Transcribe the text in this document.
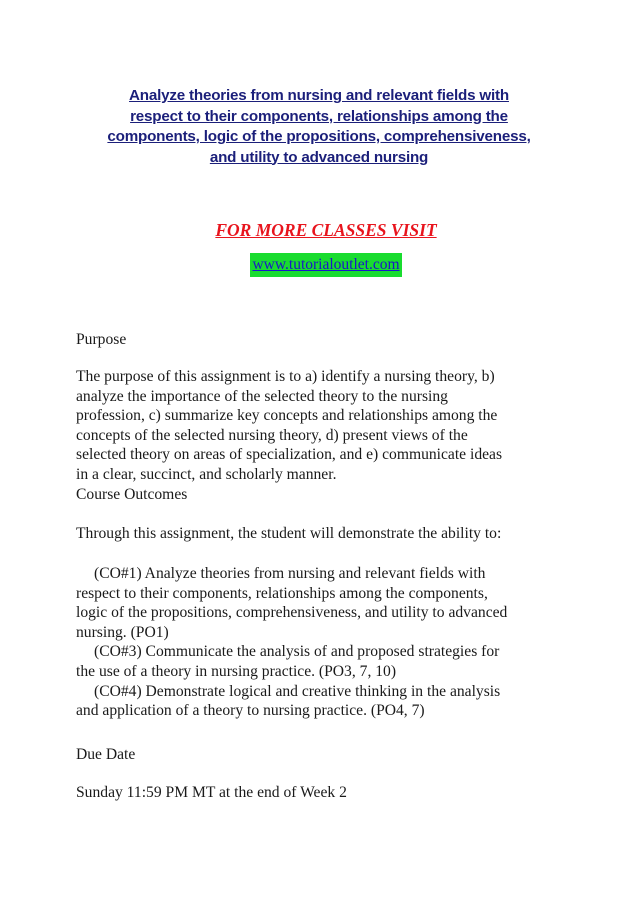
Analyze theories from nursing and relevant fields with
respect to their components, relationships among the
components, logic of the propositions, comprehensiveness,
and utility to advanced nursing
FOR MORE CLASSES VISIT
www.tutorialoutlet.com
Purpose
The purpose of this assignment is to a) identify a nursing theory, b)
analyze the importance of the selected theory to the nursing
profession, c) summarize key concepts and relationships among the
concepts of the selected nursing theory, d) present views of the
selected theory on areas of specialization, and e) communicate ideas
in a clear, succinct, and scholarly manner.
Course Outcomes
Through this assignment, the student will demonstrate the ability to:
(CO#1) Analyze theories from nursing and relevant fields with
respect to their components, relationships among the components,
logic of the propositions, comprehensiveness, and utility to advanced
nursing. (PO1)
(CO#3) Communicate the analysis of and proposed strategies for
the use of a theory in nursing practice. (PO3, 7, 10)
(CO#4) Demonstrate logical and creative thinking in the analysis
and application of a theory to nursing practice. (PO4, 7)
Due Date
Sunday 11:59 PM MT at the end of Week 2
